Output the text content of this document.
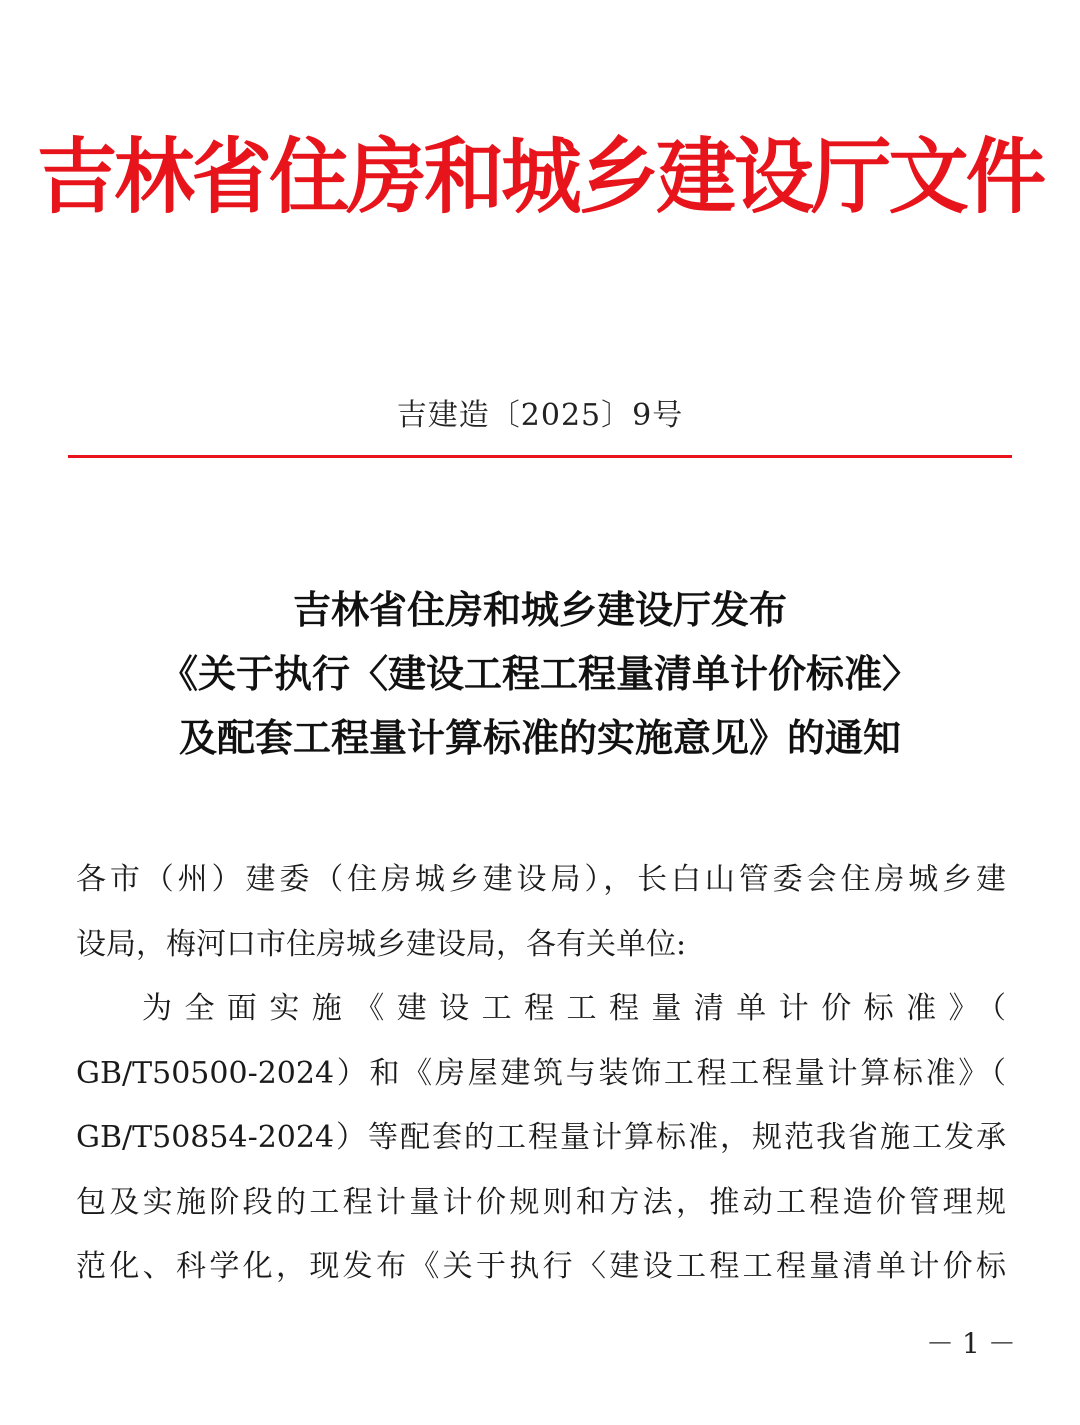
吉林省住房和城乡建设厅文件
吉建造〔2025〕9号
吉林省住房和城乡建设厅发布
《关于执行〈建设工程工程量清单计价标准〉
及配套工程量计算标准的实施意见》的通知
各市（州）建委（住房城乡建设局），长白山管委会住房城乡建
设局，梅河口市住房城乡建设局，各有关单位:
为全面实施《建设工程工程量清单计价标准》（
GB/T50500-2024）和《房屋建筑与装饰工程工程量计算标准》（
GB/T50854-2024）等配套的工程量计算标准，规范我省施工发承
包及实施阶段的工程计量计价规则和方法，推动工程造价管理规
范化、科学化，现发布《关于执行〈建设工程工程量清单计价标
－1－
